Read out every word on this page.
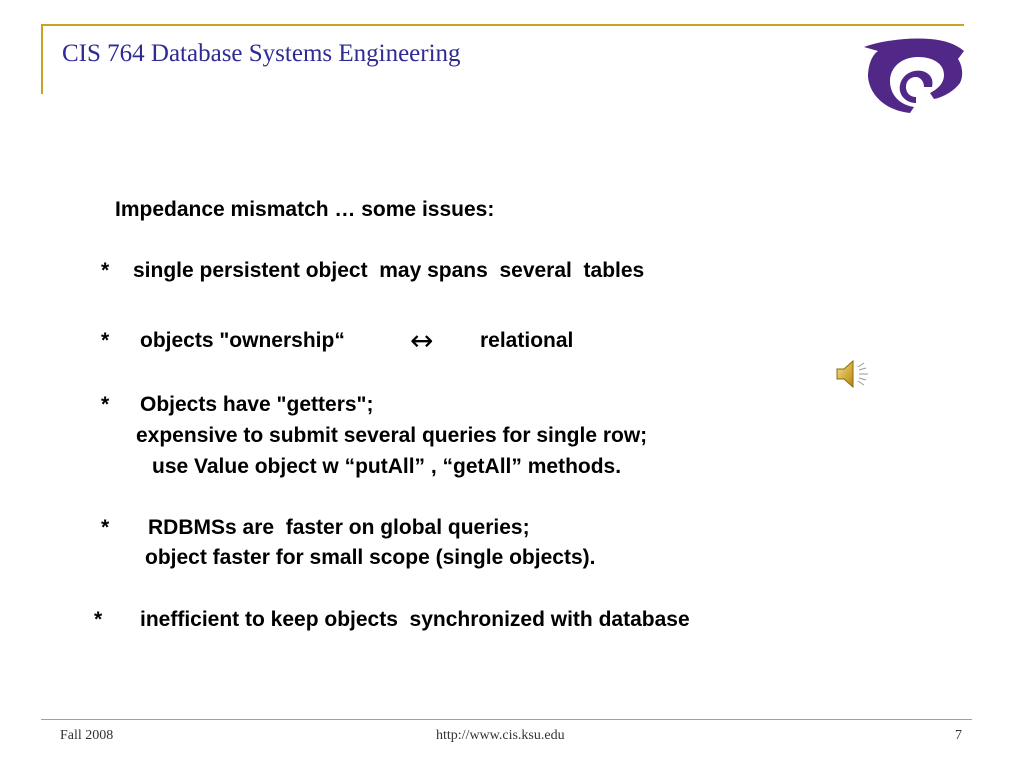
CIS 764 Database Systems Engineering
Impedance mismatch … some issues:
* single persistent object  may spans  several  tables
* objects "ownership“ ↔ relational
* Objects have "getters";
expensive to submit several queries for single row;
use Value object w “putAll” , “getAll” methods.
* RDBMSs are  faster on global queries;
object faster for small scope (single objects).
* inefficient to keep objects  synchronized with database
Fall 2008	http://www.cis.ksu.edu	7
